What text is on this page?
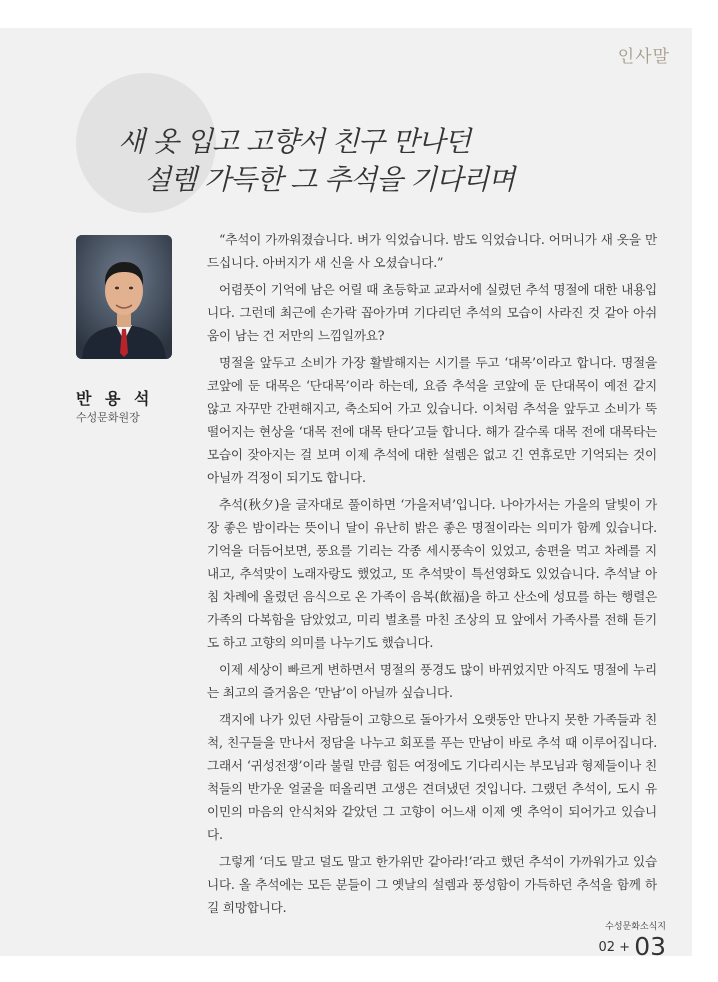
인사말
새 옷 입고 고향서 친구 만나던
설렘 가득한 그 추석을 기다리며
반 용 석
수성문화원장

“추석이 가까워졌습니다. 벼가 익었습니다. 밤도 익었습니다. 어머니가 새 옷을 만드십니다. 아버지가 새 신을 사 오셨습니다.”

어렴풋이 기억에 남은 어릴 때 초등학교 교과서에 실렸던 추석 명절에 대한 내용입니다. 그런데 최근에 손가락 꼽아가며 기다리던 추석의 모습이 사라진 것 같아 아쉬움이 남는 건 저만의 느낌일까요?

명절을 앞두고 소비가 가장 활발해지는 시기를 두고 ‘대목’이라고 합니다. 명절을 코앞에 둔 대목은 ‘단대목’이라 하는데, 요즘 추석을 코앞에 둔 단대목이 예전 같지 않고 자꾸만 간편해지고, 축소되어 가고 있습니다. 이처럼 추석을 앞두고 소비가 뚝 떨어지는 현상을 ‘대목 전에 대목 탄다’고들 합니다. 해가 갈수록 대목 전에 대목타는 모습이 잦아지는 걸 보며 이제 추석에 대한 설렘은 없고 긴 연휴로만 기억되는 것이 아닐까 걱정이 되기도 합니다.

추석(秋夕)을 글자대로 풀이하면 ‘가을저녁’입니다. 나아가서는 가을의 달빛이 가장 좋은 밤이라는 뜻이니 달이 유난히 밝은 좋은 명절이라는 의미가 함께 있습니다. 기억을 더듬어보면, 풍요를 기리는 각종 세시풍속이 있었고, 송편을 먹고 차례를 지내고, 추석맞이 노래자랑도 했었고, 또 추석맞이 특선영화도 있었습니다. 추석날 아침 차례에 올렸던 음식으로 온 가족이 음복(飮福)을 하고 산소에 성묘를 하는 행렬은 가족의 다복함을 담았었고, 미리 벌초를 마친 조상의 묘 앞에서 가족사를 전해 듣기도 하고 고향의 의미를 나누기도 했습니다.

이제 세상이 빠르게 변하면서 명절의 풍경도 많이 바뀌었지만 아직도 명절에 누리는 최고의 즐거움은 ‘만남’이 아닐까 싶습니다.

객지에 나가 있던 사람들이 고향으로 돌아가서 오랫동안 만나지 못한 가족들과 친척, 친구들을 만나서 정담을 나누고 회포를 푸는 만남이 바로 추석 때 이루어집니다. 그래서 ‘귀성전쟁’이라 불릴 만큼 힘든 여정에도 기다리시는 부모님과 형제들이나 친척들의 반가운 얼굴을 떠올리면 고생은 견뎌냈던 것입니다. 그랬던 추석이, 도시 유이민의 마음의 안식처와 같았던 그 고향이 어느새 이제 옛 추억이 되어가고 있습니다.

그렇게 ‘더도 말고 덜도 말고 한가위만 같아라!’라고 했던 추석이 가까워가고 있습니다. 올 추석에는 모든 분들이 그 옛날의 설렘과 풍성함이 가득하던 추석을 함께 하길 희망합니다.

수성문화소식지
02 + 03
